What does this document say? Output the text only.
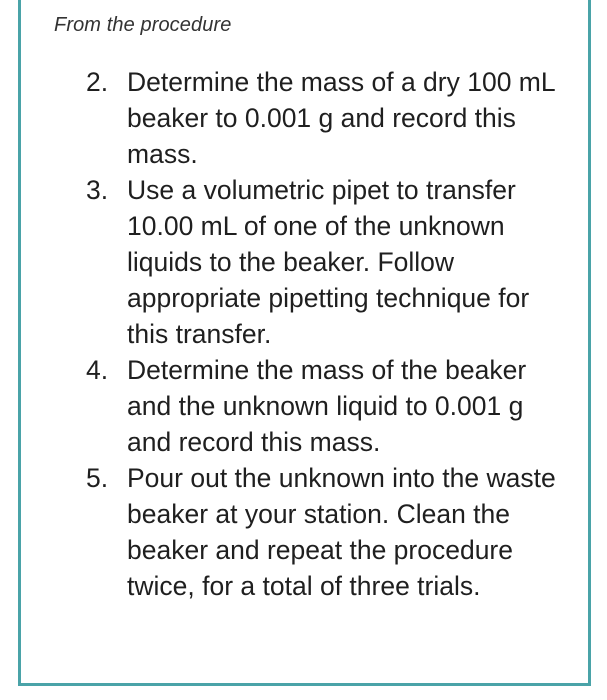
From the procedure
2. Determine the mass of a dry 100 mL beaker to 0.001 g and record this mass.
3. Use a volumetric pipet to transfer 10.00 mL of one of the unknown liquids to the beaker. Follow appropriate pipetting technique for this transfer.
4. Determine the mass of the beaker and the unknown liquid to 0.001 g and record this mass.
5. Pour out the unknown into the waste beaker at your station. Clean the beaker and repeat the procedure twice, for a total of three trials.
